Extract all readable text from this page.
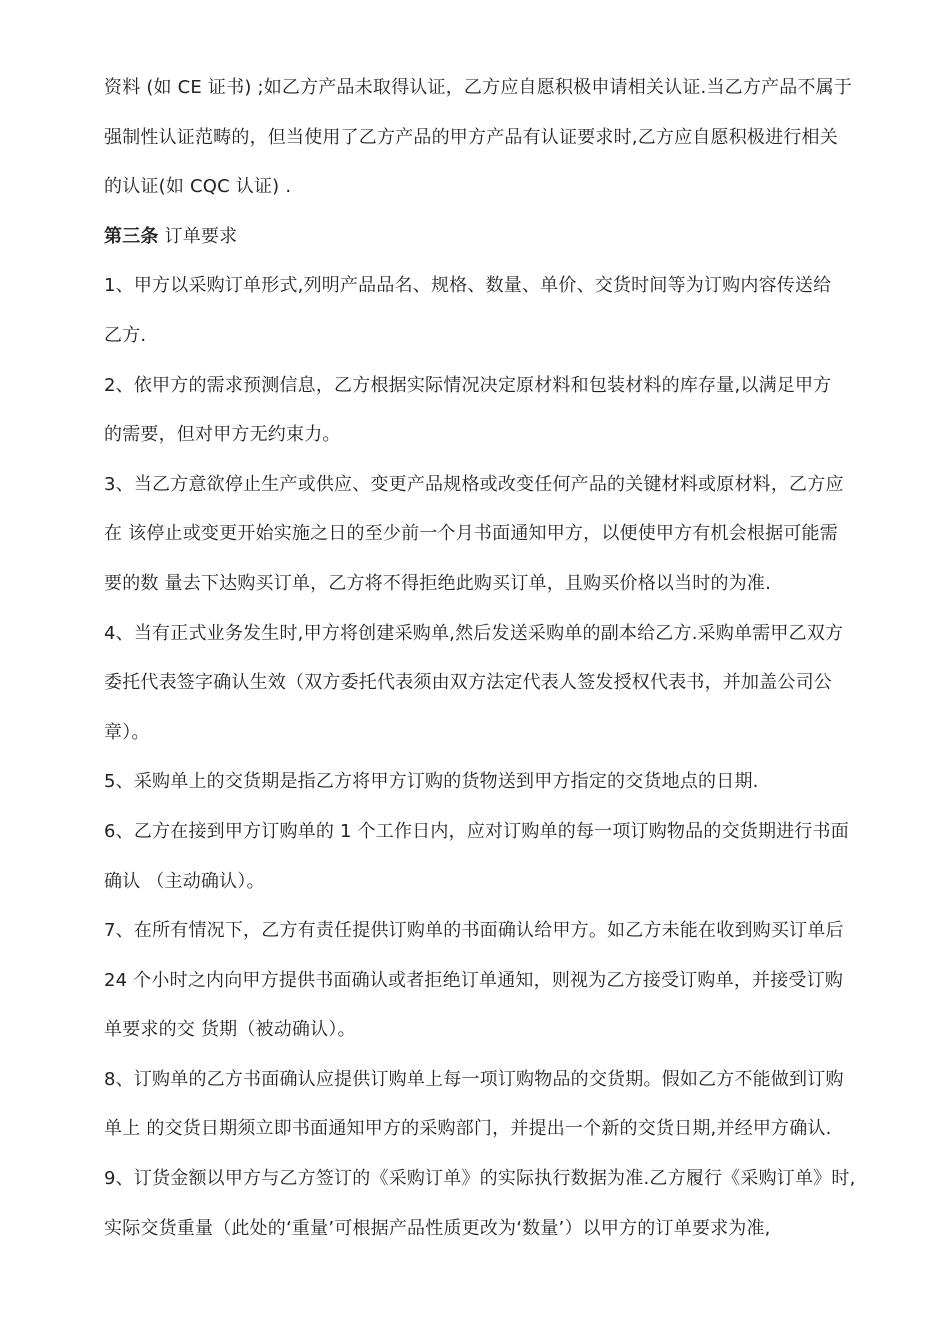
资料 (如 CE 证书) ;如乙方产品未取得认证，乙方应自愿积极申请相关认证.当乙方产品不属于
强制性认证范畴的，但当使用了乙方产品的甲方产品有认证要求时,乙方应自愿积极进行相关
的认证(如 CQC 认证) .
第三条 订单要求
1、甲方以采购订单形式,列明产品品名、规格、数量、单价、交货时间等为订购内容传送给
乙方.
2、依甲方的需求预测信息，乙方根据实际情况决定原材料和包装材料的库存量,以满足甲方
的需要，但对甲方无约束力。
3、当乙方意欲停止生产或供应、变更产品规格或改变任何产品的关键材料或原材料，乙方应
在 该停止或变更开始实施之日的至少前一个月书面通知甲方，以便使甲方有机会根据可能需
要的数 量去下达购买订单，乙方将不得拒绝此购买订单，且购买价格以当时的为准.
4、当有正式业务发生时,甲方将创建采购单,然后发送采购单的副本给乙方.采购单需甲乙双方
委托代表签字确认生效（双方委托代表须由双方法定代表人签发授权代表书，并加盖公司公
章）。
5、采购单上的交货期是指乙方将甲方订购的货物送到甲方指定的交货地点的日期.
6、乙方在接到甲方订购单的 1 个工作日内，应对订购单的每一项订购物品的交货期进行书面
确认 （主动确认）。
7、在所有情况下，乙方有责任提供订购单的书面确认给甲方。如乙方未能在收到购买订单后
24 个小时之内向甲方提供书面确认或者拒绝订单通知，则视为乙方接受订购单，并接受订购
单要求的交 货期（被动确认）。
8、订购单的乙方书面确认应提供订购单上每一项订购物品的交货期。假如乙方不能做到订购
单上 的交货日期须立即书面通知甲方的采购部门，并提出一个新的交货日期,并经甲方确认.
9、订货金额以甲方与乙方签订的《采购订单》的实际执行数据为准.乙方履行《采购订单》时,
实际交货重量（此处的‘重量’可根据产品性质更改为‘数量’）以甲方的订单要求为准,
